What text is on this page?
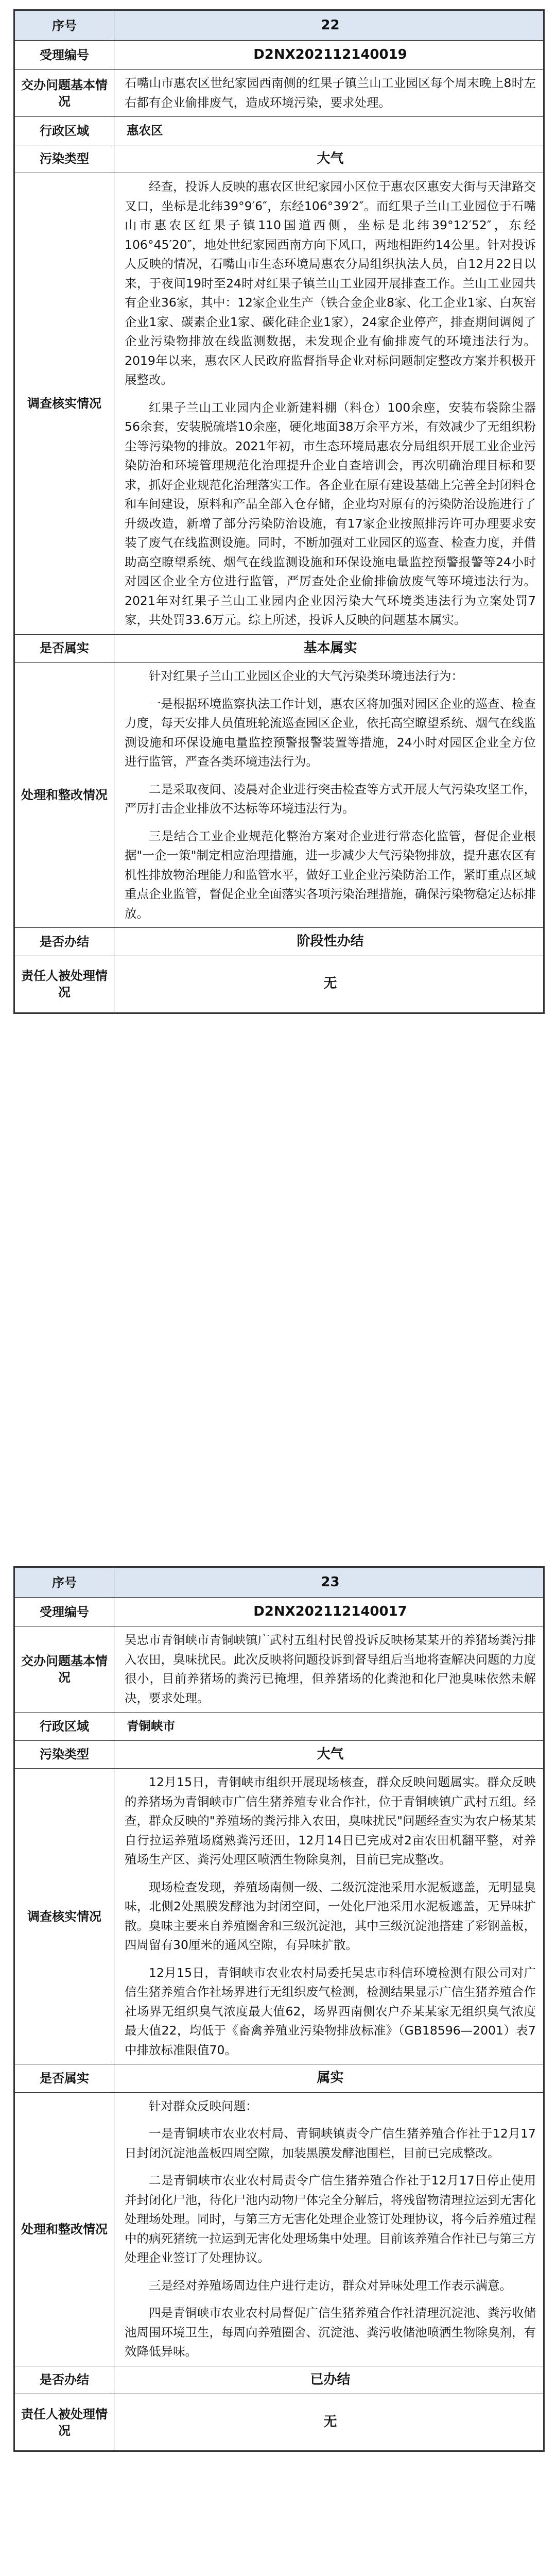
序号	22
受理编号	D2NX202112140019
交办问题基本情况	石嘴山市惠农区世纪家园西南侧的红果子镇兰山工业园区每个周末晚上8时左右都有企业偷排废气，造成环境污染，要求处理。

行政区域	惠农区
污染类型	大气
调查核实情况	经查，投诉人反映的惠农区世纪家园小区位于惠农区惠安大街与天津路交叉口，坐标是北纬39°9′6″，东经106°39′2″。而红果子兰山工业园位于石嘴山市惠农区红果子镇110国道西侧，坐标是北纬39°12′52″，东经106°45′20″，地处世纪家园西南方向下风口，两地相距约14公里。针对投诉人反映的情况，石嘴山市生态环境局惠农分局组织执法人员，自12月22日以来，于夜间19时至24时对红果子镇兰山工业园开展排查工作。兰山工业园共有企业36家，其中：12家企业生产（铁合金企业8家、化工企业1家、白灰窑企业1家、碳素企业1家、碳化硅企业1家），24家企业停产，排查期间调阅了企业污染物排放在线监测数据，未发现企业有偷排废气的环境违法行为。2019年以来，惠农区人民政府监督指导企业对标问题制定整改方案并积极开展整改。

红果子兰山工业园内企业新建料棚（料仓）100余座，安装布袋除尘器56余套，安装脱硫塔10余座，硬化地面38万余平方米，有效减少了无组织粉尘等污染物的排放。2021年初，市生态环境局惠农分局组织开展工业企业污染防治和环境管理规范化治理提升企业自查培训会，再次明确治理目标和要求，抓好企业规范化治理落实工作。各企业在原有建设基础上完善全封闭料仓和车间建设，原料和产品全部入仓存储，企业均对原有的污染防治设施进行了升级改造，新增了部分污染防治设施，有17家企业按照排污许可办理要求安装了废气在线监测设施。同时，不断加强对工业园区的巡查、检查力度，并借助高空瞭望系统、烟气在线监测设施和环保设施电量监控预警报警等24小时对园区企业全方位进行监管，严厉查处企业偷排偷放废气等环境违法行为。2021年对红果子兰山工业园内企业因污染大气环境类违法行为立案处罚7家，共处罚33.6万元。综上所述，投诉人反映的问题基本属实。

是否属实	基本属实
处理和整改情况	针对红果子兰山工业园区企业的大气污染类环境违法行为：

一是根据环境监察执法工作计划，惠农区将加强对园区企业的巡查、检查力度，每天安排人员值班轮流巡查园区企业，依托高空瞭望系统、烟气在线监测设施和环保设施电量监控预警报警装置等措施，24小时对园区企业全方位进行监管，严查各类环境违法行为。

二是采取夜间、凌晨对企业进行突击检查等方式开展大气污染攻坚工作，严厉打击企业排放不达标等环境违法行为。

三是结合工业企业规范化整治方案对企业进行常态化监管，督促企业根据"一企一策"制定相应治理措施，进一步减少大气污染物排放，提升惠农区有机性排放物治理能力和监管水平，做好工业企业污染防治工作，紧盯重点区域重点企业监管，督促企业全面落实各项污染治理措施，确保污染物稳定达标排放。

是否办结	阶段性办结
责任人被处理情况	无
序号	23
受理编号	D2NX202112140017
交办问题基本情况	吴忠市青铜峡市青铜峡镇广武村五组村民曾投诉反映杨某某开的养猪场粪污排入农田，臭味扰民。此次反映将问题投诉到督导组后当地将查解决问题的力度很小，目前养猪场的粪污已掩埋，但养猪场的化粪池和化尸池臭味依然未解决，要求处理。

行政区域	青铜峡市
污染类型	大气
调查核实情况	12月15日，青铜峡市组织开展现场核查，群众反映问题属实。群众反映的养猪场为青铜峡市广信生猪养殖专业合作社，位于青铜峡镇广武村五组。经查，群众反映的"养殖场的粪污排入农田，臭味扰民"问题经查实为农户杨某某自行拉运养殖场腐熟粪污还田，12月14日已完成对2亩农田机翻平整，对养殖场生产区、粪污处理区喷洒生物除臭剂，目前已完成整改。

现场检查发现，养殖场南侧一级、二级沉淀池采用水泥板遮盖，无明显臭味，北侧2处黑膜发酵池为封闭空间，一处化尸池采用水泥板遮盖，无异味扩散。臭味主要来自养殖圈舍和三级沉淀池，其中三级沉淀池搭建了彩钢盖板，四周留有30厘米的通风空隙，有异味扩散。

12月15日，青铜峡市农业农村局委托吴忠市科信环境检测有限公司对广信生猪养殖合作社场界进行无组织废气检测，检测结果显示广信生猪养殖合作社场界无组织臭气浓度最大值62，场界西南侧农户乔某某家无组织臭气浓度最大值22，均低于《畜禽养殖业污染物排放标准》（GB18596—2001）表7中排放标准限值70。

是否属实	属实
处理和整改情况	针对群众反映问题：

一是青铜峡市农业农村局、青铜峡镇责令广信生猪养殖合作社于12月17日封闭沉淀池盖板四周空隙，加装黑膜发酵池围栏，目前已完成整改。

二是青铜峡市农业农村局责令广信生猪养殖合作社于12月17日停止使用并封闭化尸池，待化尸池内动物尸体完全分解后，将残留物清理拉运到无害化处理场处理。同时，与第三方无害化处理企业签订处理协议，将今后养殖过程中的病死猪统一拉运到无害化处理场集中处理。目前该养殖合作社已与第三方处理企业签订了处理协议。

三是经对养殖场周边住户进行走访，群众对异味处理工作表示满意。

四是青铜峡市农业农村局督促广信生猪养殖合作社清理沉淀池、粪污收储池周围环境卫生，每周向养殖圈舍、沉淀池、粪污收储池喷洒生物除臭剂，有效降低异味。

是否办结	已办结
责任人被处理情况	无
